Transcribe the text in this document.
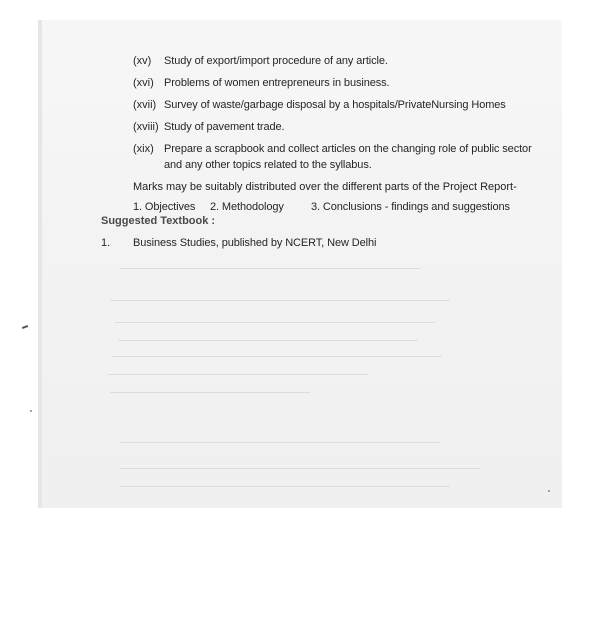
(xv) Study of export/import procedure of any article.
(xvi) Problems of women entrepreneurs in business.
(xvii) Survey of waste/garbage disposal by a hospitals/PrivateNursing Homes
(xviii) Study of pavement trade.
(xix) Prepare a scrapbook and collect articles on the changing role of public sector
and any other topics related to the syllabus.
Marks may be suitably distributed over the different parts of the Project Report-
1. Objectives 2. Methodology 3. Conclusions - findings and suggestions
Suggested Textbook :
1. Business Studies, published by NCERT, New Delhi
